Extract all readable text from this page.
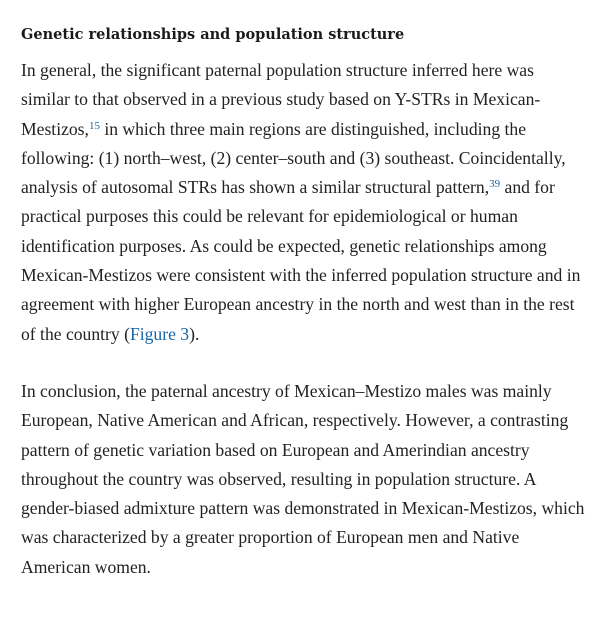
Genetic relationships and population structure

In general, the significant paternal population structure inferred here was similar to that observed in a previous study based on Y-STRs in Mexican-Mestizos,$^{15}$ in which three main regions are distinguished, including the following: (1) north–west, (2) center–south and (3) southeast. Coincidentally, analysis of autosomal STRs has shown a similar structural pattern,$^{39}$ and for practical purposes this could be relevant for epidemiological or human identification purposes. As could be expected, genetic relationships among Mexican-Mestizos were consistent with the inferred population structure and in agreement with higher European ancestry in the north and west than in the rest of the country (Figure 3).

In conclusion, the paternal ancestry of Mexican–Mestizo males was mainly European, Native American and African, respectively. However, a contrasting pattern of genetic variation based on European and Amerindian ancestry throughout the country was observed, resulting in population structure. A gender-biased admixture pattern was demonstrated in Mexican-Mestizos, which was characterized by a greater proportion of European men and Native American women.
